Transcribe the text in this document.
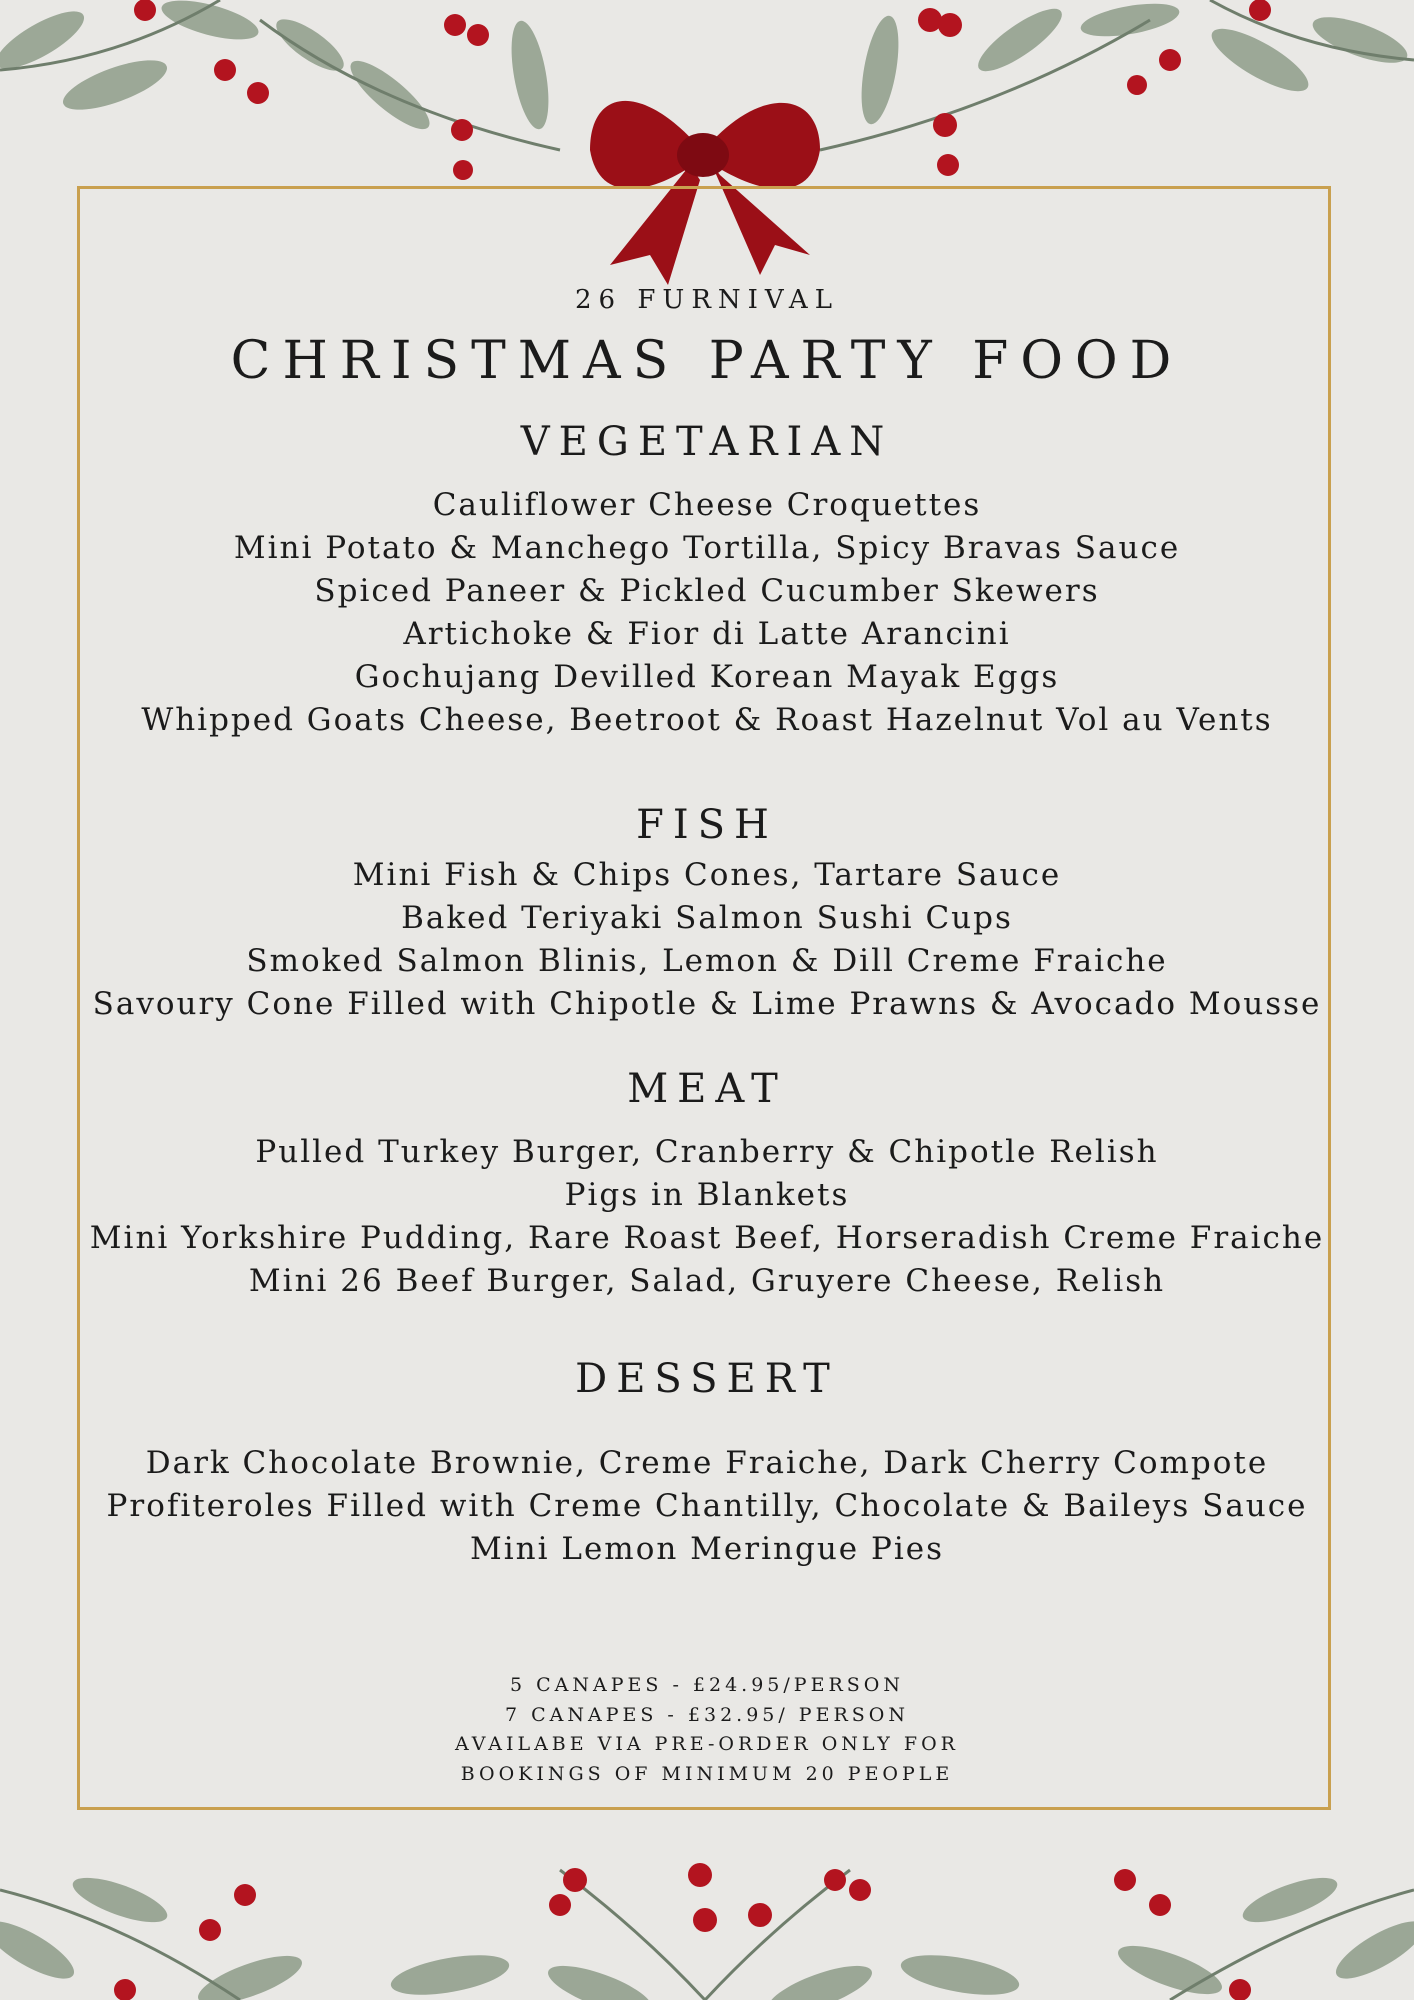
26 FURNIVAL
CHRISTMAS PARTY FOOD
VEGETARIAN
Cauliflower Cheese Croquettes
Mini Potato & Manchego Tortilla, Spicy Bravas Sauce
Spiced Paneer & Pickled Cucumber Skewers
Artichoke & Fior di Latte Arancini
Gochujang Devilled Korean Mayak Eggs
Whipped Goats Cheese, Beetroot & Roast Hazelnut Vol au Vents
FISH
Mini Fish & Chips Cones, Tartare Sauce
Baked Teriyaki Salmon Sushi Cups
Smoked Salmon Blinis, Lemon & Dill Creme Fraiche
Savoury Cone Filled with Chipotle & Lime Prawns & Avocado Mousse
MEAT
Pulled Turkey Burger, Cranberry & Chipotle Relish
Pigs in Blankets
Mini Yorkshire Pudding, Rare Roast Beef, Horseradish Creme Fraiche
Mini 26 Beef Burger, Salad, Gruyere Cheese, Relish
DESSERT
Dark Chocolate Brownie, Creme Fraiche, Dark Cherry Compote
Profiteroles Filled with Creme Chantilly, Chocolate & Baileys Sauce
Mini Lemon Meringue Pies
5 CANAPES - £24.95/PERSON
7 CANAPES - £32.95/ PERSON
AVAILABE VIA PRE-ORDER ONLY FOR
BOOKINGS OF MINIMUM 20 PEOPLE
